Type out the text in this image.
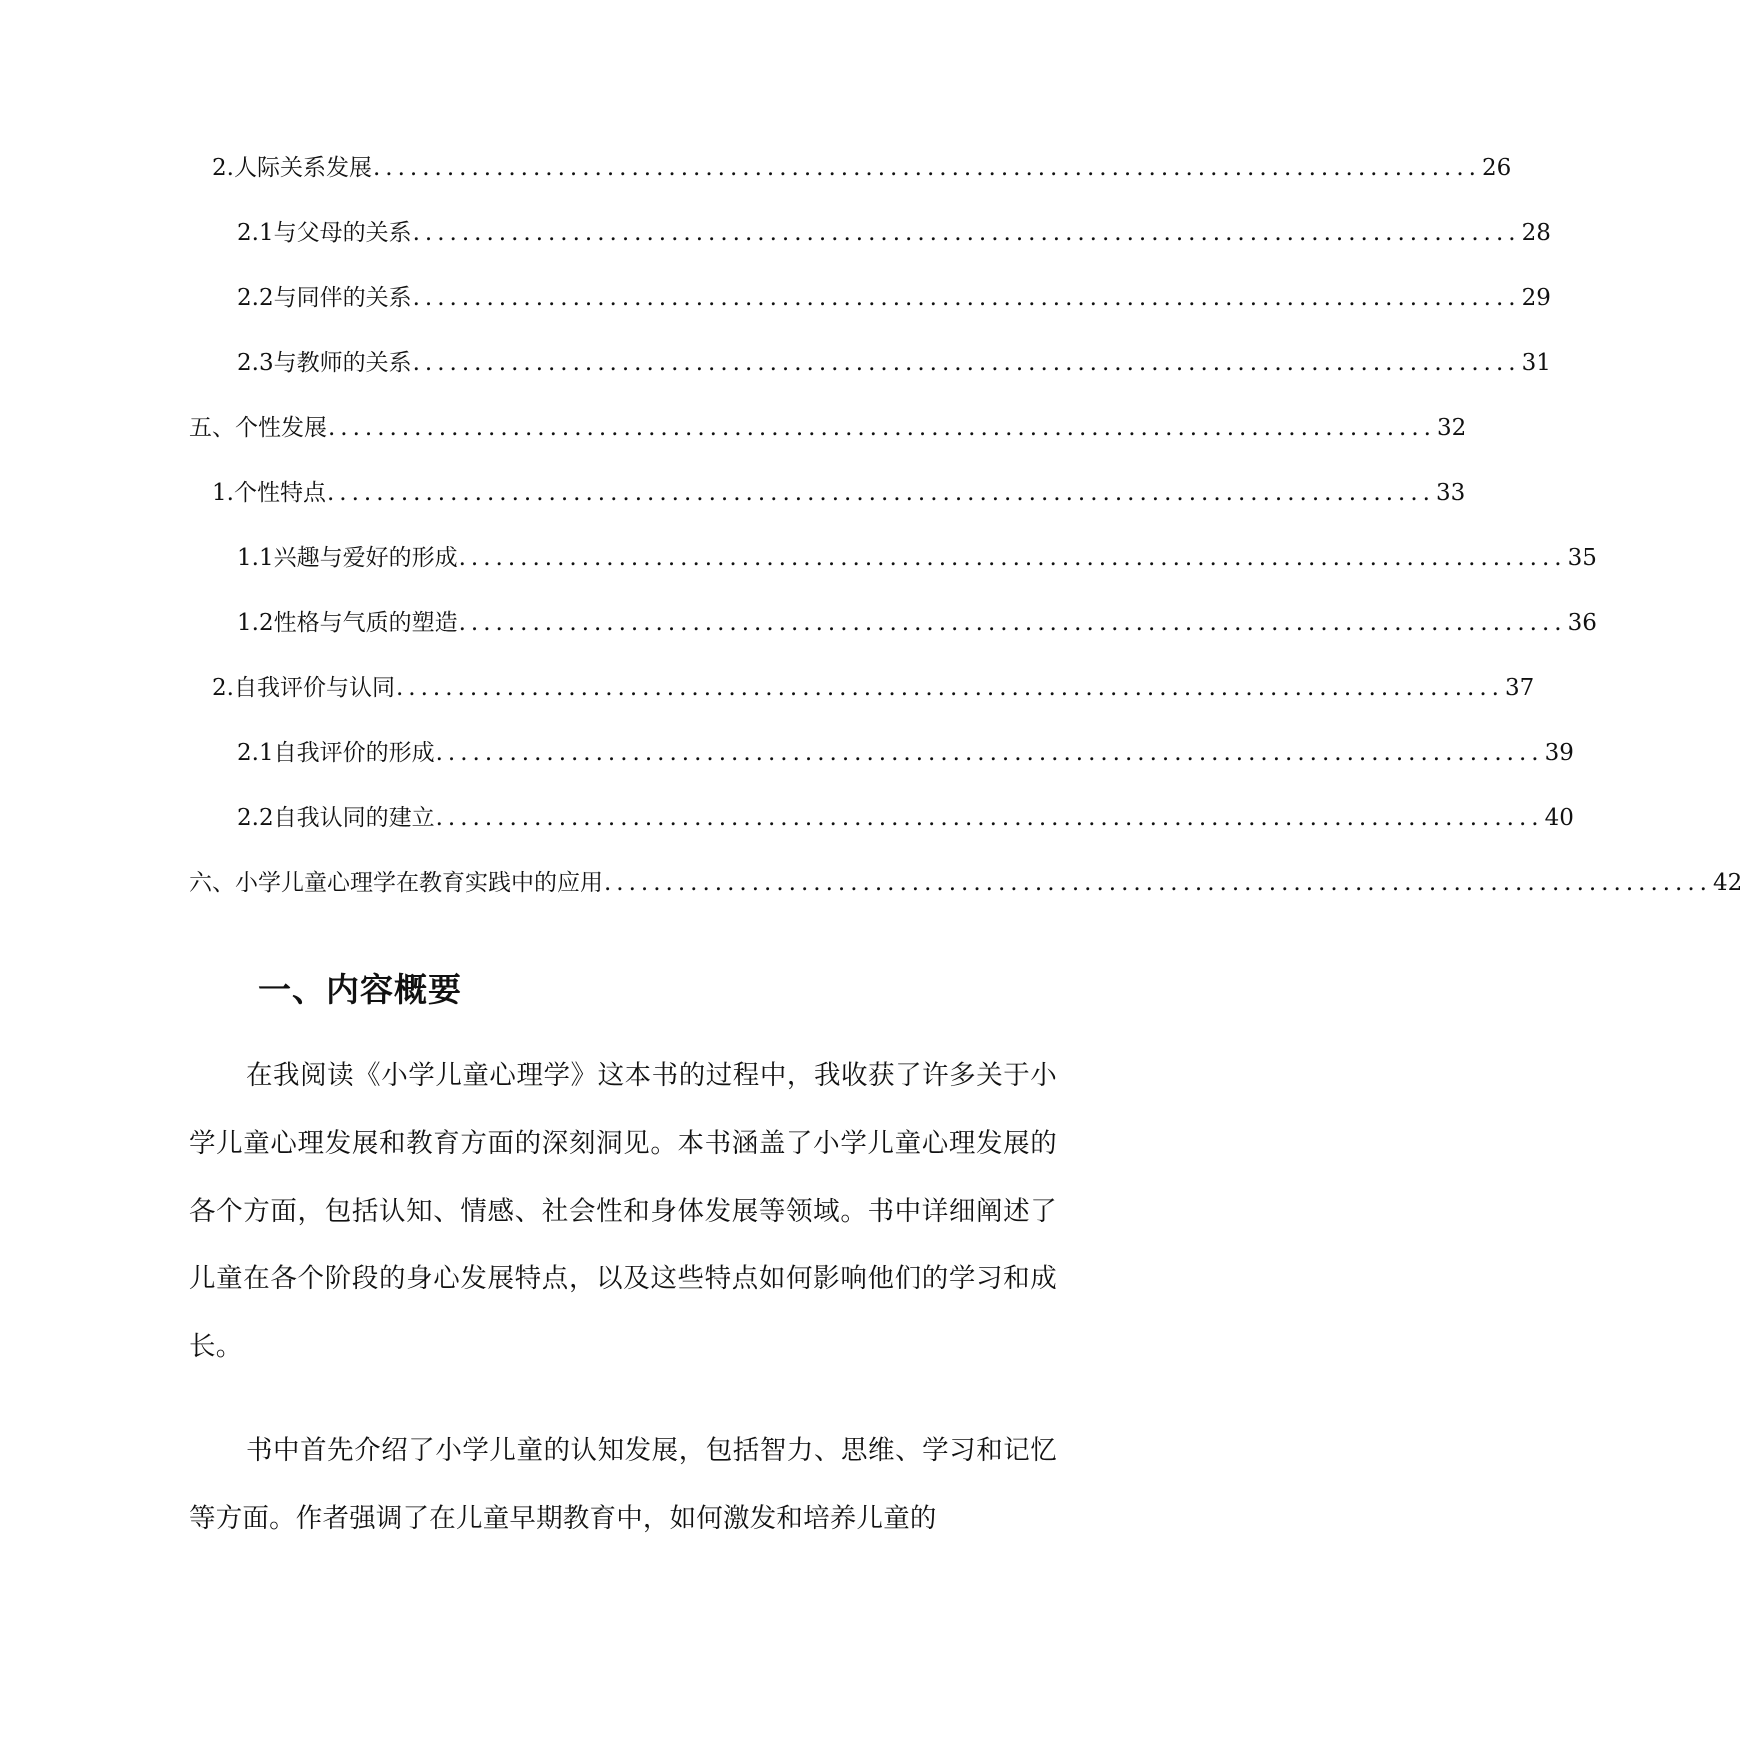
2. 人际关系发展 .......................................................................................... 26
2.1 与父母的关系 .......................................................................................... 28
2.2 与同伴的关系 .......................................................................................... 29
2.3 与教师的关系 .......................................................................................... 31
五、 个性发展 .......................................................................................... 32
1. 个性特点 .......................................................................................... 33
1.1 兴趣与爱好的形成 .......................................................................................... 35
1.2 性格与气质的塑造 .......................................................................................... 36
2. 自我评价与认同 .......................................................................................... 37
2.1 自我评价的形成 .......................................................................................... 39
2.2 自我认同的建立 .......................................................................................... 40
六、 小学儿童心理学在教育实践中的应用 .......................................................................................... 42
一、内容概要

在我阅读《小学儿童心理学》这本书的过程中，我收获了许多关于小学儿童心理发展和教育方面的深刻洞见。本书涵盖了小学儿童心理发展的各个方面，包括认知、情感、社会性和身体发展等领域。书中详细阐述了儿童在各个阶段的身心发展特点，以及这些特点如何影响他们的学习和成长。

书中首先介绍了小学儿童的认知发展，包括智力、思维、学习和记忆等方面。作者强调了在儿童早期教育中，如何激发和培养儿童的
